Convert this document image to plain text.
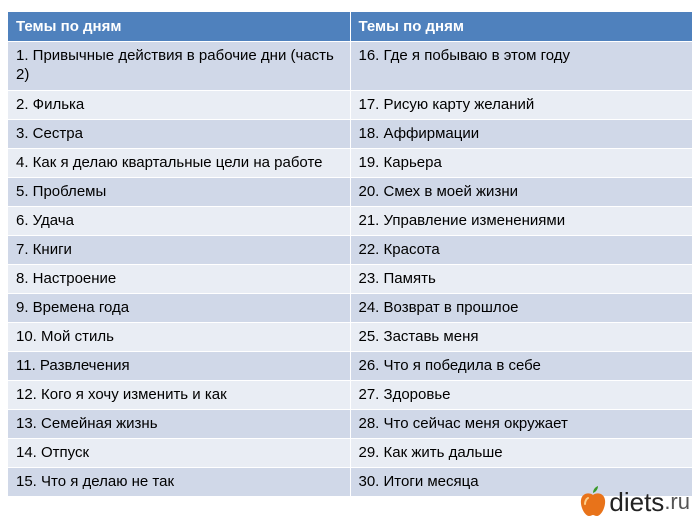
Темы по дням	Темы по дням
1. Привычные действия в рабочие дни (часть 2)	16. Где я побываю в этом году
2. Филька	17. Рисую карту желаний
3. Сестра	18. Аффирмации
4. Как я делаю квартальные цели на работе	19. Карьера
5. Проблемы	20. Смех в моей жизни
6. Удача	21. Управление изменениями
7. Книги	22. Красота
8. Настроение	23. Память
9. Времена года	24. Возврат в прошлое
10. Мой стиль	25. Заставь меня
11. Развлечения	26. Что я победила в себе
12. Кого я хочу изменить и как	27. Здоровье
13. Семейная жизнь	28. Что сейчас меня окружает
14. Отпуск	29. Как жить дальше
15. Что я делаю не так	30. Итоги месяца
diets .ru
